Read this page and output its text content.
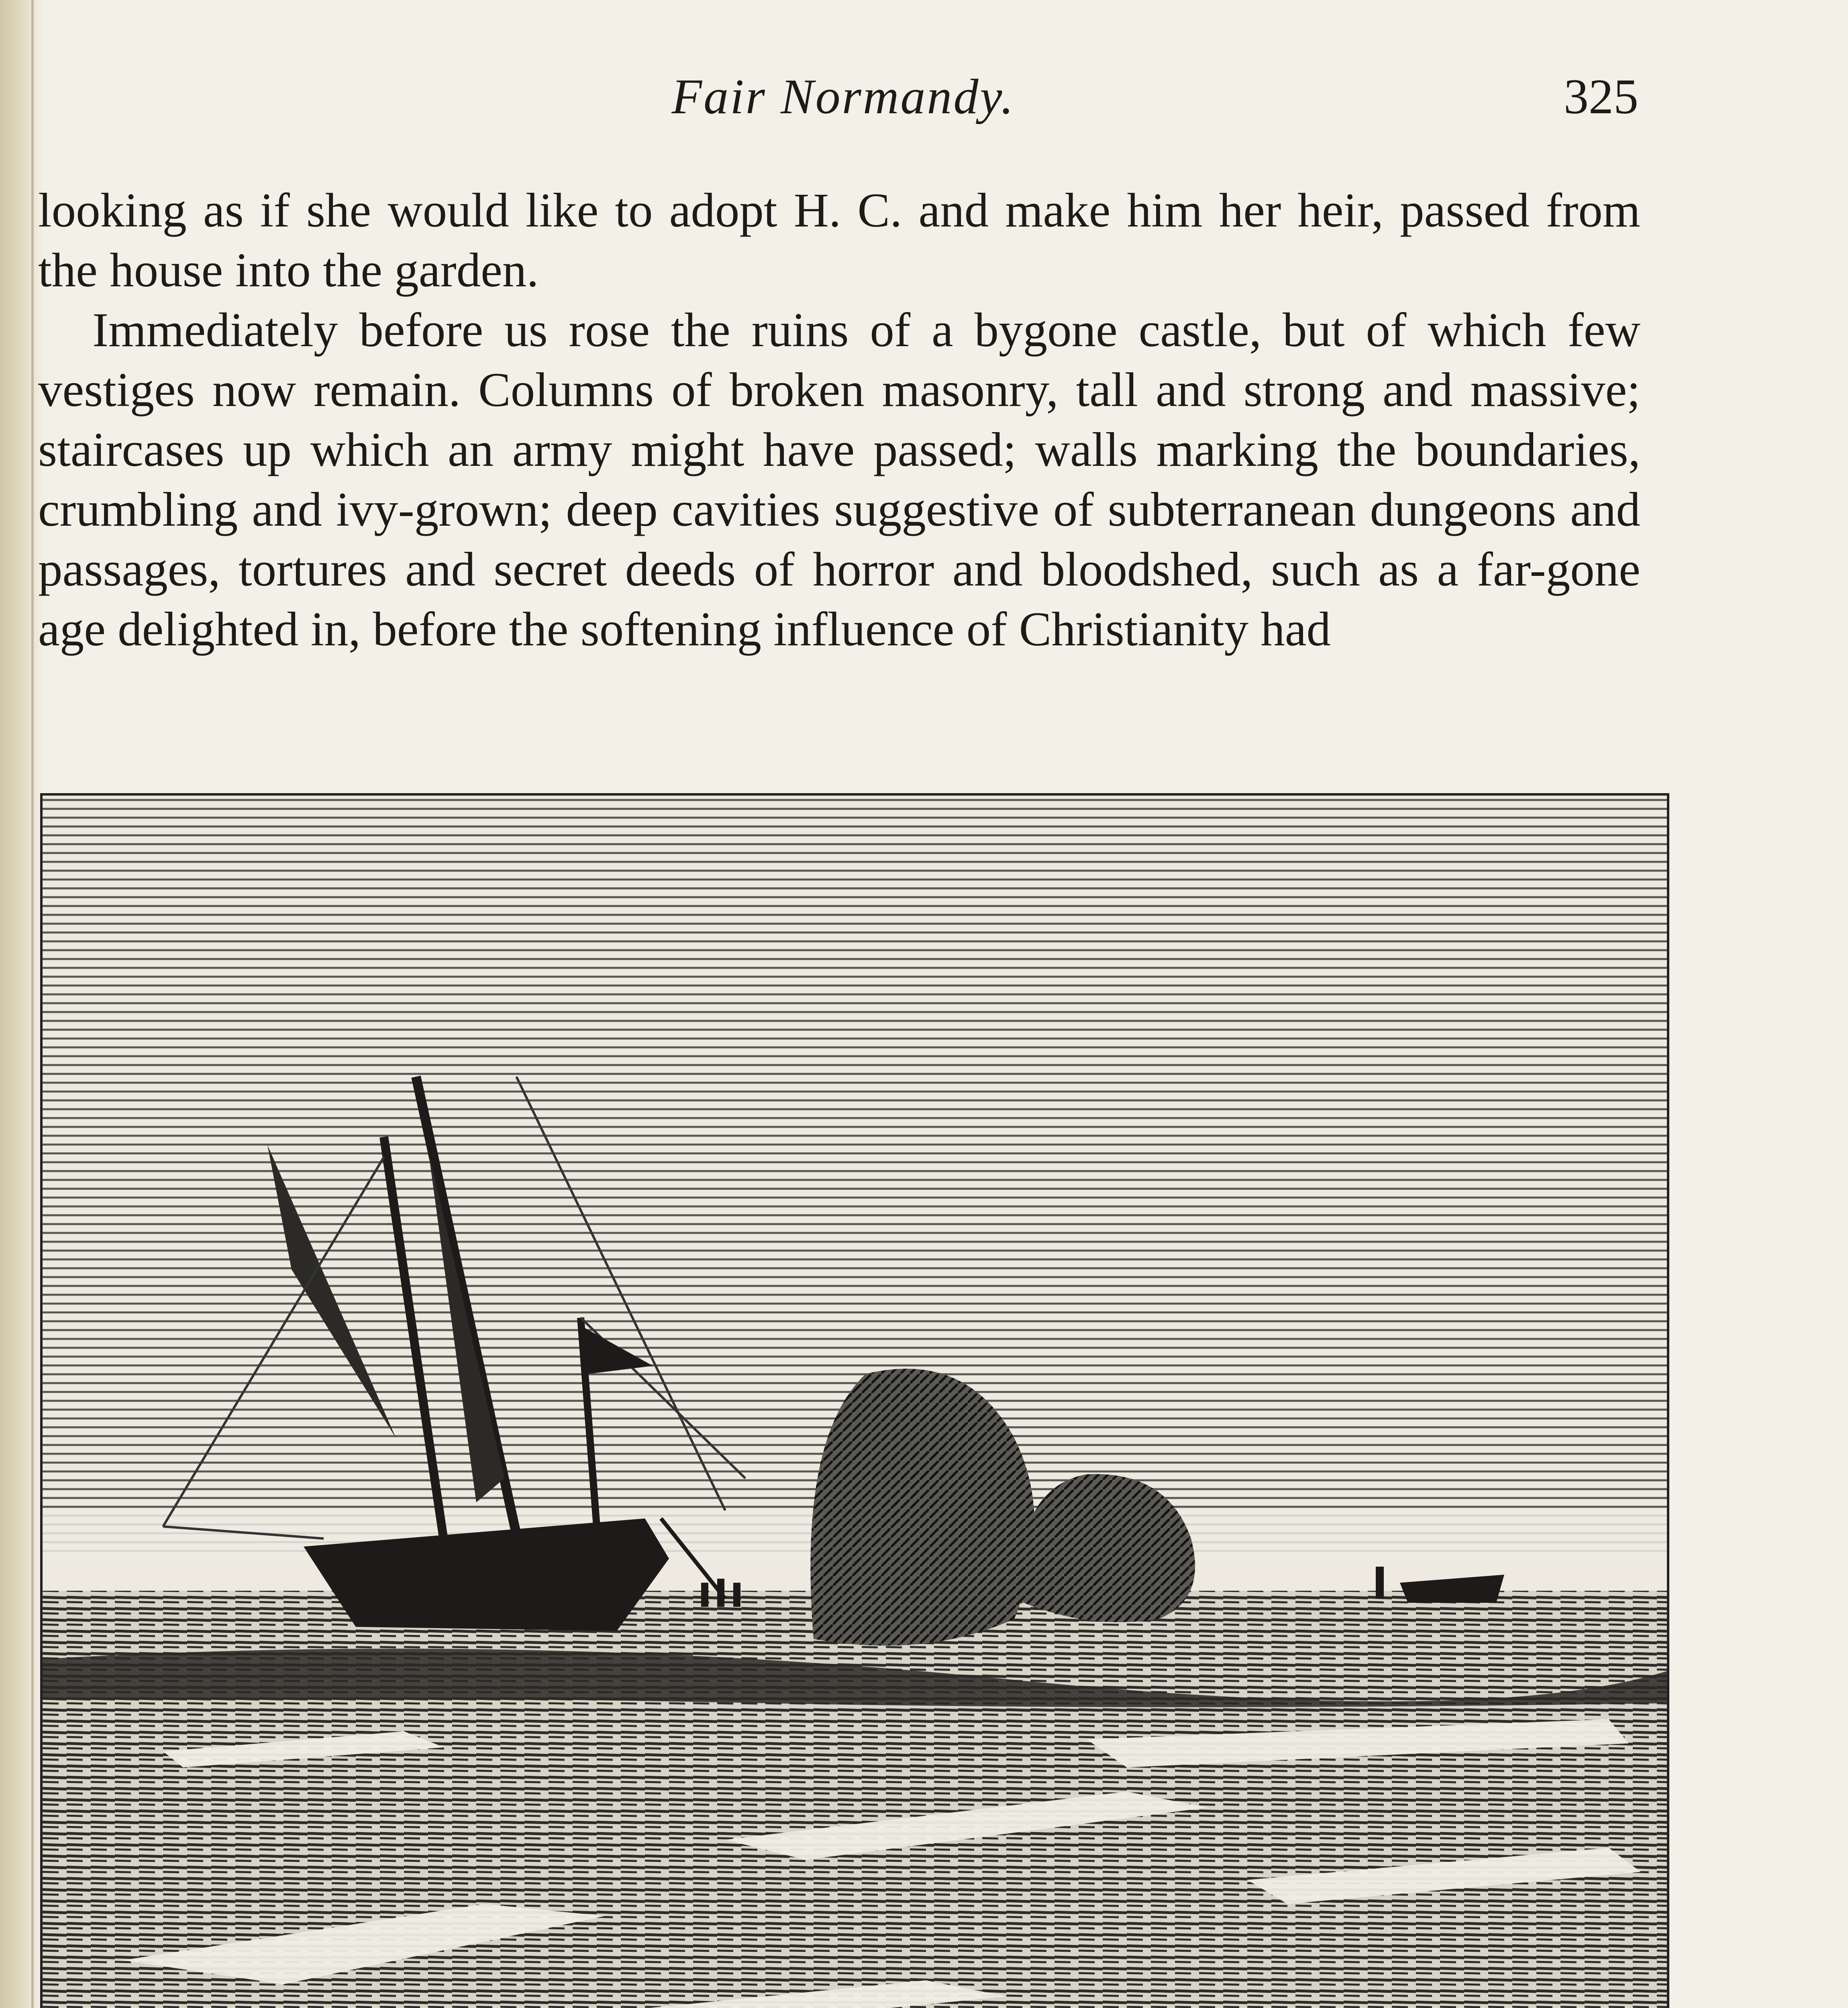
Fair Normandy.	325

looking as if she would like to adopt H. C. and make him her heir, passed from the house into the garden.

Immediately before us rose the ruins of a bygone castle, but of which few vestiges now remain. Columns of broken masonry, tall and strong and massive; staircases up which an army might have passed; walls marking the boundaries, crumbling and ivy-grown; deep cavities suggestive of subterranean dungeons and passages, tortures and secret deeds of horror and bloodshed, such as a far-gone age delighted in, before the softening influence of Christianity had
